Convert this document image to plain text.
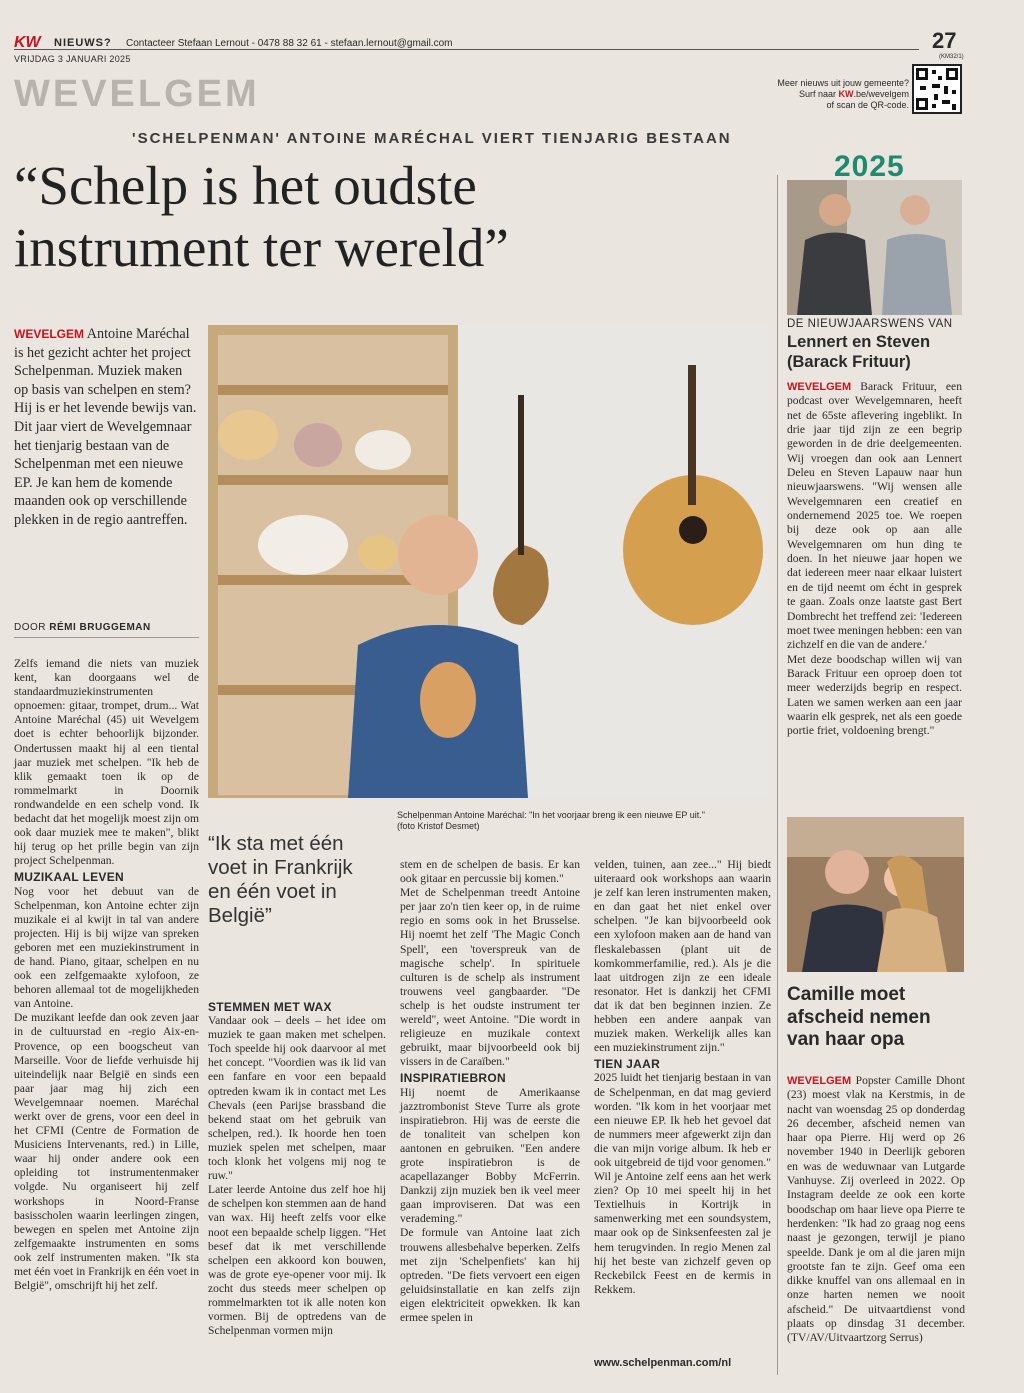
KW NIEUWS? Contacteer Stefaan Lernout - 0478 88 32 61 - stefaan.lernout@gmail.com
VRIJDAG 3 JANUARI 2025
27
(KM32/1)
WEVELGEM	Meer nieuws uit jouw gemeente?
Surf naar KW.be/wevelgem
of scan de QR-code.
'SCHELPENMAN' ANTOINE MARÉCHAL VIERT TIENJARIG BESTAAN
“Schelp is het oudste
instrument ter wereld”
WEVELGEM Antoine Maréchal is het gezicht achter het project Schelpenman. Muziek maken op basis van schelpen en stem? Hij is er het levende bewijs van. Dit jaar viert de Wevelgemnaar het tienjarig bestaan van de Schelpenman met een nieuwe EP. Je kan hem de komende maanden ook op verschillende plekken in de regio aantreffen.
DOOR RÉMI BRUGGEMAN
Schelpenman Antoine Maréchal: "In het voorjaar breng ik een nieuwe EP uit."
(foto Kristof Desmet)
“Ik sta met één voet in Frankrijk en één voet in België”

Zelfs iemand die niets van muziek kent, kan doorgaans wel de standaardmuziekinstrumenten opnoemen: gitaar, trompet, drum... Wat Antoine Maréchal (45) uit Wevelgem doet is echter behoorlijk bijzonder. Ondertussen maakt hij al een tiental jaar muziek met schelpen. "Ik heb de klik gemaakt toen ik op de rommelmarkt in Doornik rondwandelde en een schelp vond. Ik bedacht dat het mogelijk moest zijn om ook daar muziek mee te maken", blikt hij terug op het prille begin van zijn project Schelpenman.

MUZIKAAL LEVEN

Nog voor het debuut van de Schelpenman, kon Antoine echter zijn muzikale ei al kwijt in tal van andere projecten. Hij is bij wijze van spreken geboren met een muziekinstrument in de hand. Piano, gitaar, schelpen en nu ook een zelfgemaakte xylofoon, ze behoren allemaal tot de mogelijkheden van Antoine.

De muzikant leefde dan ook zeven jaar in de cultuurstad en -regio Aix-en-Provence, op een boogscheut van Marseille. Voor de liefde verhuisde hij uiteindelijk naar België en sinds een paar jaar mag hij zich een Wevelgemnaar noemen. Maréchal werkt over de grens, voor een deel in het CFMI (Centre de Formation de Musiciens Intervenants, red.) in Lille, waar hij onder andere ook een opleiding tot instrumentenmaker volgde. Nu organiseert hij zelf workshops in Noord-Franse basisscholen waarin leerlingen zingen, bewegen en spelen met Antoine zijn zelfgemaakte instrumenten en soms ook zelf instrumenten maken. "Ik sta met één voet in Frankrijk en één voet in België", omschrijft hij het zelf.

STEMMEN MET WAX

Vandaar ook – deels – het idee om muziek te gaan maken met schelpen. Toch speelde hij ook daarvoor al met het concept. "Voordien was ik lid van een fanfare en voor een bepaald optreden kwam ik in contact met Les Chevals (een Parijse brassband die bekend staat om het gebruik van schelpen, red.). Ik hoorde hen toen muziek spelen met schelpen, maar toch klonk het volgens mij nog te ruw."

Later leerde Antoine dus zelf hoe hij de schelpen kon stemmen aan de hand van wax. Hij heeft zelfs voor elke noot een bepaalde schelp liggen. "Het besef dat ik met verschillende schelpen een akkoord kon bouwen, was de grote eye-opener voor mij. Ik zocht dus steeds meer schelpen op rommelmarkten tot ik alle noten kon vormen. Bij de optredens van de Schelpenman vormen mijn

stem en de schelpen de basis. Er kan ook gitaar en percussie bij komen."

Met de Schelpenman treedt Antoine per jaar zo'n tien keer op, in de ruime regio en soms ook in het Brusselse. Hij noemt het zelf 'The Magic Conch Spell', een 'toverspreuk van de magische schelp'. In spirituele culturen is de schelp als instrument trouwens veel gangbaarder. "De schelp is het oudste instrument ter wereld", weet Antoine. "Die wordt in religieuze en muzikale context gebruikt, maar bijvoorbeeld ook bij vissers in de Caraïben."

INSPIRATIEBRON

Hij noemt de Amerikaanse jazztrombonist Steve Turre als grote inspiratiebron. Hij was de eerste die de tonaliteit van schelpen kon aantonen en gebruiken. "Een andere grote inspiratiebron is de acapellazanger Bobby McFerrin. Dankzij zijn muziek ben ik veel meer gaan improviseren. Dat was een verademing."

De formule van Antoine laat zich trouwens allesbehalve beperken. Zelfs met zijn 'Schelpenfiets' kan hij optreden. "De fiets vervoert een eigen geluidsinstallatie en kan zelfs zijn eigen elektriciteit opwekken. Ik kan ermee spelen in

velden, tuinen, aan zee..." Hij biedt uiteraard ook workshops aan waarin je zelf kan leren instrumenten maken, en dan gaat het niet enkel over schelpen. "Je kan bijvoorbeeld ook een xylofoon maken aan de hand van fleskalebassen (plant uit de komkommerfamilie, red.). Als je die laat uitdrogen zijn ze een ideale resonator. Het is dankzij het CFMI dat ik dat ben beginnen inzien. Ze hebben een andere aanpak van muziek maken. Werkelijk alles kan een muziekinstrument zijn."

TIEN JAAR

2025 luidt het tienjarig bestaan in van de Schelpenman, en dat mag gevierd worden. "Ik kom in het voorjaar met een nieuwe EP. Ik heb het gevoel dat de nummers meer afgewerkt zijn dan die van mijn vorige album. Ik heb er ook uitgebreid de tijd voor genomen." Wil je Antoine zelf eens aan het werk zien? Op 10 mei speelt hij in het Textielhuis in Kortrijk in samenwerking met een soundsystem, maar ook op de Sinksenfeesten zal je hem terugvinden. In regio Menen zal hij het beste van zichzelf geven op Reckebilck Feest en de kermis in Rekkem.

www.schelpenman.com/nl
2025
DE NIEUWJAARSWENS VAN
Lennert en Steven (Barack Frituur)

WEVELGEM Barack Frituur, een podcast over Wevelgemnaren, heeft net de 65ste aflevering ingeblikt. In drie jaar tijd zijn ze een begrip geworden in de drie deelgemeenten. Wij vroegen dan ook aan Lennert Deleu en Steven Lapauw naar hun nieuwjaarswens. "Wij wensen alle Wevelgemnaren een creatief en ondernemend 2025 toe. We roepen bij deze ook op aan alle Wevelgemnaren om hun ding te doen. In het nieuwe jaar hopen we dat iedereen meer naar elkaar luistert en de tijd neemt om écht in gesprek te gaan. Zoals onze laatste gast Bert Dombrecht het treffend zei: 'Iedereen moet twee meningen hebben: een van zichzelf en die van de andere.'

Met deze boodschap willen wij van Barack Frituur een oproep doen tot meer wederzijds begrip en respect. Laten we samen werken aan een jaar waarin elk gesprek, net als een goede portie friet, voldoening brengt."

Camille moet afscheid nemen van haar opa

WEVELGEM Popster Camille Dhont (23) moest vlak na Kerstmis, in de nacht van woensdag 25 op donderdag 26 december, afscheid nemen van haar opa Pierre. Hij werd op 26 november 1940 in Deerlijk geboren en was de weduwnaar van Lutgarde Vanhuyse. Zij overleed in 2022. Op Instagram deelde ze ook een korte boodschap om haar lieve opa Pierre te herdenken: "Ik had zo graag nog eens naast je gezongen, terwijl je piano speelde. Dank je om al die jaren mijn grootste fan te zijn. Geef oma een dikke knuffel van ons allemaal en in onze harten nemen we nooit afscheid." De uitvaartdienst vond plaats op dinsdag 31 december. (TV/AV/Uitvaartzorg Serrus)
